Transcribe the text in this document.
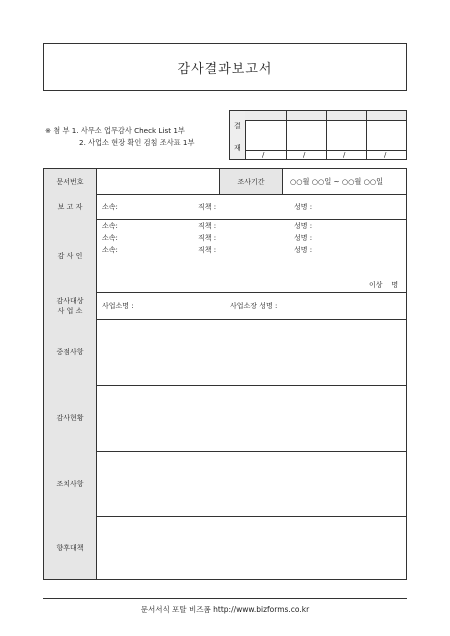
감사결과보고서
※ 첨 부 1. 사무소 업무감사 Check List 1부
2. 사업소 현장 확인 검침 조사표 1부
결
재
/	/	/	/
문서번호	조사기간	○○월 ○○일 ~ ○○월 ○○일
보 고 자	소속:	직책 :	성명 :
감 사 인
소속:	직책 :	성명 :
소속:	직책 :	성명 :
소속:	직책 :	성명 :
이상    명
감사대상
사 업 소
사업소명 :	사업소장 성명 :
중점사항
감사현황
조치사항
향후대책
문서서식 포탈 비즈폼 http://www.bizforms.co.kr
